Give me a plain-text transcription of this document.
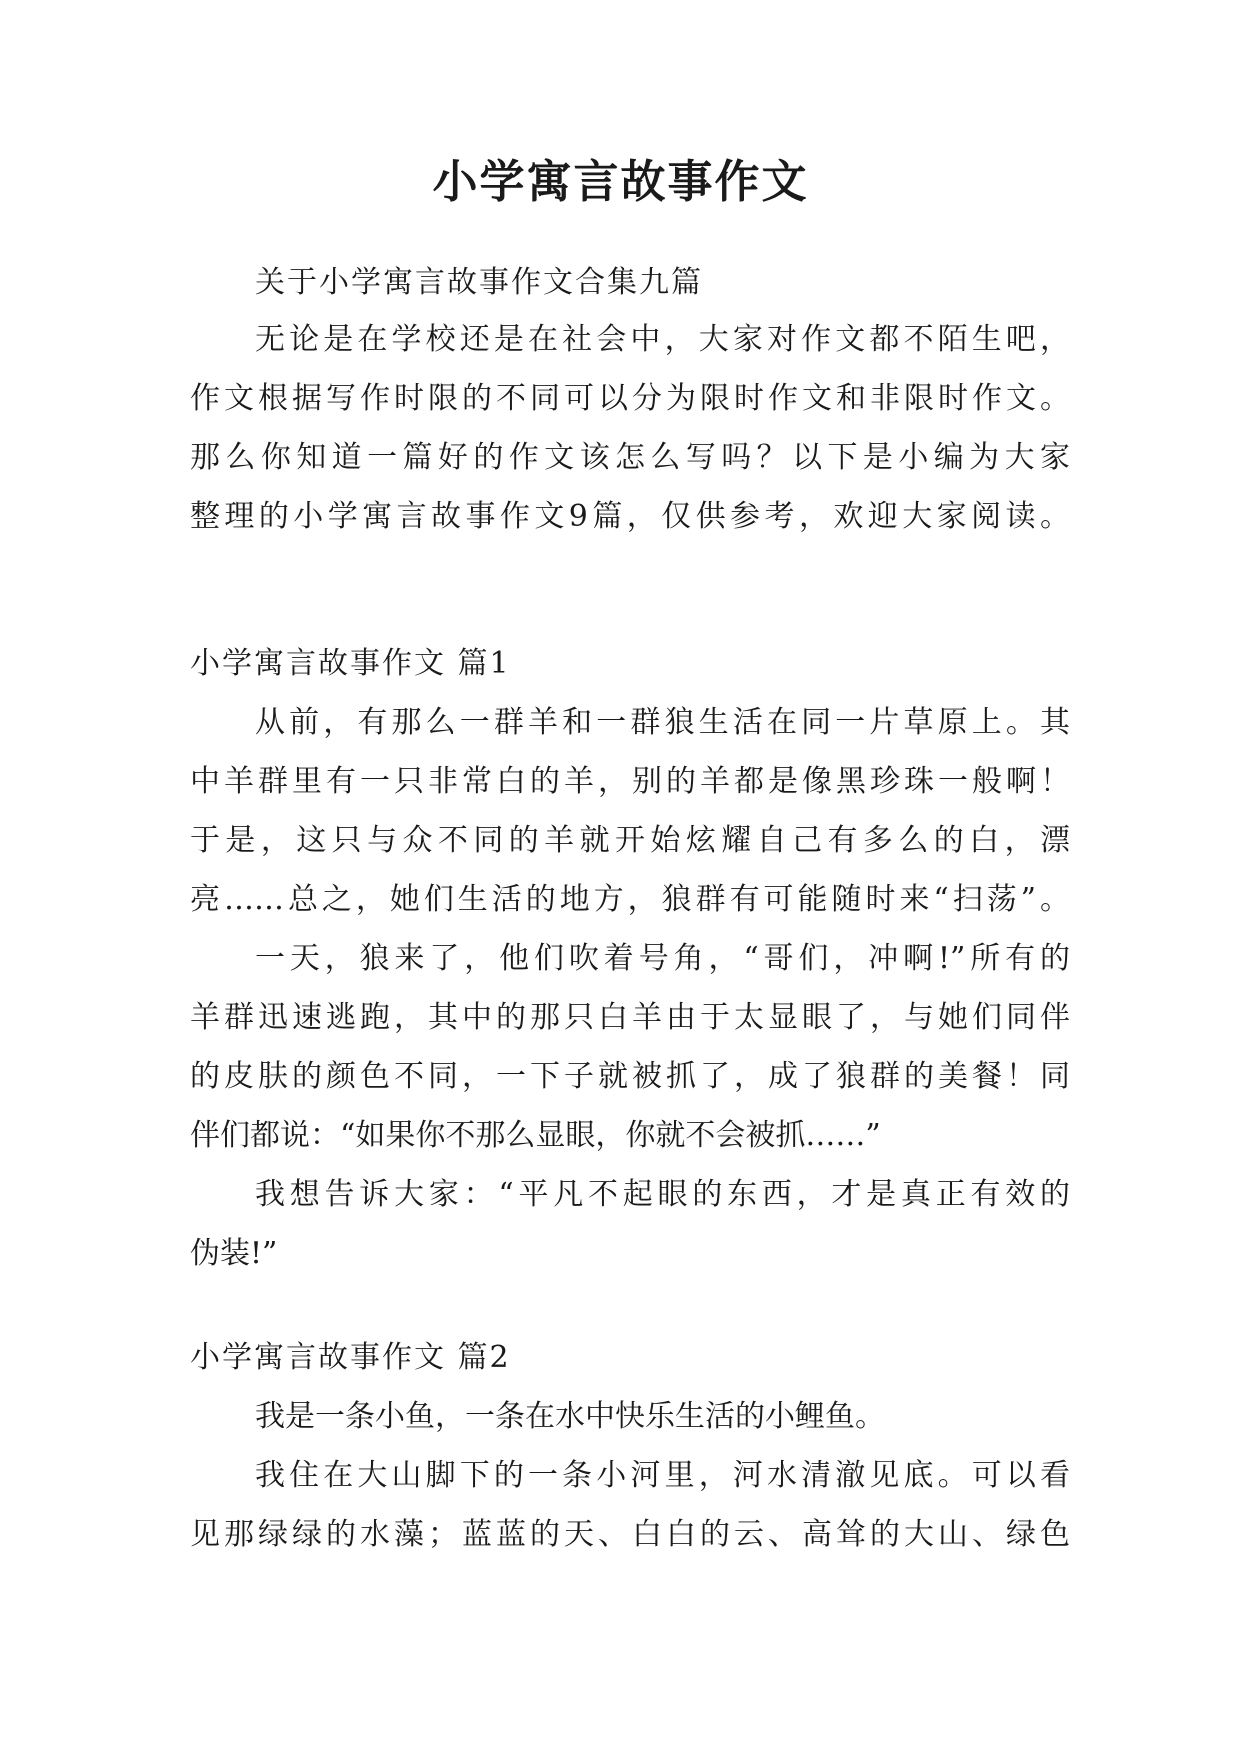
小学寓言故事作文
关于小学寓言故事作文合集九篇
无论是在学校还是在社会中，大家对作文都不陌生吧，
作文根据写作时限的不同可以分为限时作文和非限时作文。
那么你知道一篇好的作文该怎么写吗？以下是小编为大家
整理的小学寓言故事作文9篇，仅供参考，欢迎大家阅读。
小学寓言故事作文 篇1
从前，有那么一群羊和一群狼生活在同一片草原上。其
中羊群里有一只非常白的羊，别的羊都是像黑珍珠一般啊！
于是，这只与众不同的羊就开始炫耀自己有多么的白，漂
亮……总之，她们生活的地方，狼群有可能随时来“扫荡”。
一天，狼来了，他们吹着号角，“哥们，冲啊!”所有的
羊群迅速逃跑，其中的那只白羊由于太显眼了，与她们同伴
的皮肤的颜色不同，一下子就被抓了，成了狼群的美餐！同
伴们都说：“如果你不那么显眼，你就不会被抓……”
我想告诉大家：“平凡不起眼的东西，才是真正有效的
伪装!”
小学寓言故事作文 篇2
我是一条小鱼，一条在水中快乐生活的小鲤鱼。
我住在大山脚下的一条小河里，河水清澈见底。可以看
见那绿绿的水藻；蓝蓝的天、白白的云、高耸的大山、绿色
